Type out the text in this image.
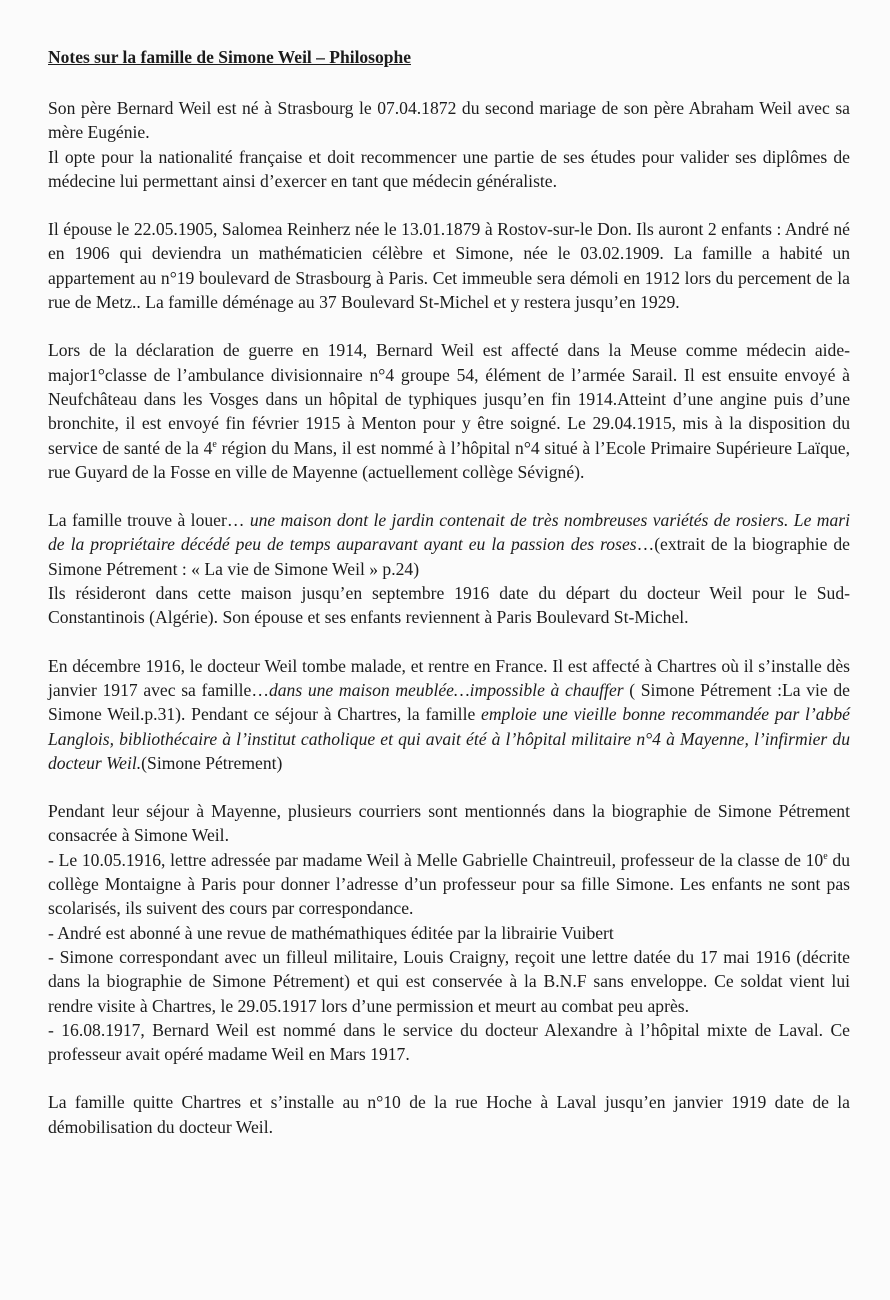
Notes sur la famille de Simone Weil – Philosophe
Son père Bernard Weil est né à Strasbourg le 07.04.1872 du second mariage de son père Abraham Weil avec sa mère Eugénie.
Il opte pour la nationalité française et doit recommencer une partie de ses études pour valider ses diplômes de médecine lui permettant ainsi d’exercer en tant que médecin généraliste.
Il épouse le 22.05.1905, Salomea Reinherz née le 13.01.1879 à Rostov-sur-le Don. Ils auront 2 enfants : André né en 1906 qui deviendra un mathématicien célèbre et Simone, née le 03.02.1909. La famille a habité un appartement au n°19 boulevard de Strasbourg à Paris. Cet immeuble sera démoli en 1912 lors du percement de la rue de Metz.. La famille déménage au 37 Boulevard St-Michel et y restera jusqu’en 1929.
Lors de la déclaration de guerre en 1914, Bernard Weil est affecté dans la Meuse comme médecin aide-major1°classe de l’ambulance divisionnaire n°4 groupe 54, élément de l’armée Sarail. Il est ensuite envoyé à Neufchâteau dans les Vosges dans un hôpital de typhiques jusqu’en fin 1914.Atteint d’une angine puis d’une bronchite, il est envoyé fin février 1915 à Menton pour y être soigné. Le 29.04.1915, mis à la disposition du service de santé de la 4e région du Mans, il est nommé à l’hôpital n°4 situé à l’Ecole Primaire Supérieure Laïque, rue Guyard de la Fosse en ville de Mayenne (actuellement collège Sévigné).
La famille trouve à louer… une maison dont le jardin contenait de très nombreuses variétés de rosiers. Le mari de la propriétaire décédé peu de temps auparavant ayant eu la passion des roses…(extrait de la biographie de Simone Pétrement : « La vie de Simone Weil » p.24)
Ils résideront dans cette maison jusqu’en septembre 1916 date du départ du docteur Weil pour le Sud-Constantinois (Algérie). Son épouse et ses enfants reviennent à Paris Boulevard St-Michel.
En décembre 1916, le docteur Weil tombe malade, et rentre en France. Il est affecté à Chartres où il s’installe dès janvier 1917 avec sa famille…dans une maison meublée…impossible à chauffer ( Simone Pétrement :La vie de Simone Weil.p.31). Pendant ce séjour à Chartres, la famille emploie une vieille bonne recommandée par l’abbé Langlois, bibliothécaire à l’institut catholique et qui avait été à l’hôpital militaire n°4 à Mayenne, l’infirmier du docteur Weil.(Simone Pétrement)
Pendant leur séjour à Mayenne, plusieurs courriers sont mentionnés dans la biographie de Simone Pétrement consacrée à Simone Weil.
- Le 10.05.1916, lettre adressée par madame Weil à Melle Gabrielle Chaintreuil, professeur de la classe de 10e du collège Montaigne à Paris pour donner l’adresse d’un professeur pour sa fille Simone. Les enfants ne sont pas scolarisés, ils suivent des cours par correspondance.
- André est abonné à une revue de mathémathiques éditée par la librairie Vuibert
- Simone correspondant avec un filleul militaire, Louis Craigny, reçoit une lettre datée du 17 mai 1916 (décrite dans la biographie de Simone Pétrement) et qui est conservée à la B.N.F sans enveloppe. Ce soldat vient lui rendre visite à Chartres, le 29.05.1917 lors d’une permission et meurt au combat peu après.
- 16.08.1917, Bernard Weil est nommé dans le service du docteur Alexandre à l’hôpital mixte de Laval. Ce professeur avait opéré madame Weil en Mars 1917.
La famille quitte Chartres et s’installe au n°10 de la rue Hoche à Laval jusqu’en janvier 1919 date de la démobilisation du docteur Weil.
